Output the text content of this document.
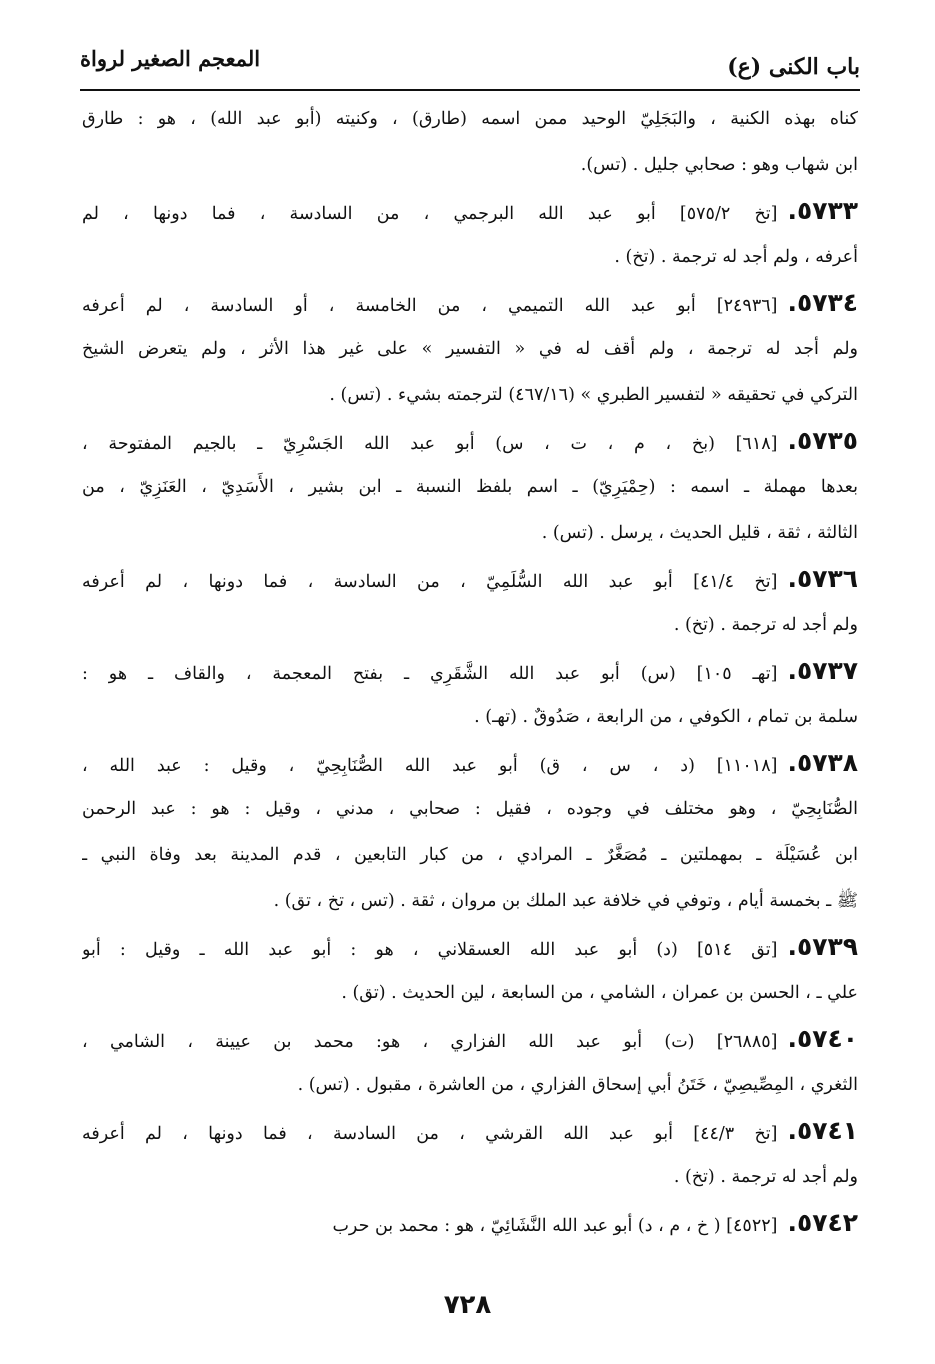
باب الكنى (ع)
المعجم الصغير لرواة
كناه بهذه الكنية ، والبَجَلِيّ الوحيد ممن اسمه (طارق) ، وكنيته (أبو عبد الله) ، هو : طارق
ابن شهاب وهو : صحابي جليل . (تس).
٥٧٣٣.[تخ ٥٧٥/٢] أبو عبد الله البرجمي ، من السادسة ، فما دونها ، لم
أعرفه ، ولم أجد له ترجمة . (تخ) .
٥٧٣٤.[٢٤٩٣٦] أبو عبد الله التميمي ، من الخامسة ، أو السادسة ، لم أعرفه
ولم أجد له ترجمة ، ولم أقف له في « التفسير » على غير هذا الأثر ، ولم يتعرض الشيخ
التركي في تحقيقه « لتفسير الطبري » (٤٦٧/١٦) لترجمته بشيء . (تس) .
٥٧٣٥.[٦١٨] (بخ ، م ، ت ، س) أبو عبد الله الجَسْرِيّ ـ بالجيم المفتوحة ،
بعدها مهملة ـ اسمه : (حِمْيَرِيّ) ـ اسم بلفظ النسبة ـ ابن بشير ، الأَسَدِيّ ، العَنَزِيّ ، من
الثالثة ، ثقة ، قليل الحديث ، يرسل . (تس) .
٥٧٣٦.[تخ ٤١/٤] أبو عبد الله السُّلَمِيّ ، من السادسة ، فما دونها ، لم أعرفه
ولم أجد له ترجمة . (تخ) .
٥٧٣٧.[تهـ ١٠٥] (س) أبو عبد الله الشَّقَرِي ـ بفتح المعجمة ، والقاف ـ هو :
سلمة بن تمام ، الكوفي ، من الرابعة ، صَدُوقٌ . (تهـ) .
٥٧٣٨.[١١٠١٨] (د ، س ، ق) أبو عبد الله الصُّنَابِحِيّ ، وقيل : عبد الله ،
الصُّنَابِحِيّ ، وهو مختلف في وجوده ، فقيل : صحابي ، مدني ، وقيل : هو : عبد الرحمن
ابن عُسَيْلَة ـ بمهملتين ـ مُصَغَّرٌ ـ المرادي ، من كبار التابعين ، قدم المدينة بعد وفاة النبي ـ
ﷺ ـ بخمسة أيام ، وتوفي في خلافة عبد الملك بن مروان ، ثقة . (تس ، تخ ، تق) .
٥٧٣٩.[تق ٥١٤] (د) أبو عبد الله العسقلاني ، هو : أبو عبد الله ـ وقيل : أبو
علي ـ ، الحسن بن عمران ، الشامي ، من السابعة ، لين الحديث . (تق) .
٥٧٤٠.[٢٦٨٨٥] (ت) أبو عبد الله الفزاري ، هو: محمد بن عيينة ، الشامي ،
الثغري ، المِصِّيصِيّ ، خَتَنُ أبي إسحاق الفزاري ، من العاشرة ، مقبول . (تس) .
٥٧٤١.[تخ ٤٤/٣] أبو عبد الله القرشي ، من السادسة ، فما دونها ، لم أعرفه
ولم أجد له ترجمة . (تخ) .
٥٧٤٢.[٤٥٢٢] ( خ ، م ، د) أبو عبد الله النَّشَائِيّ ، هو : محمد بن حرب
٧٢٨
